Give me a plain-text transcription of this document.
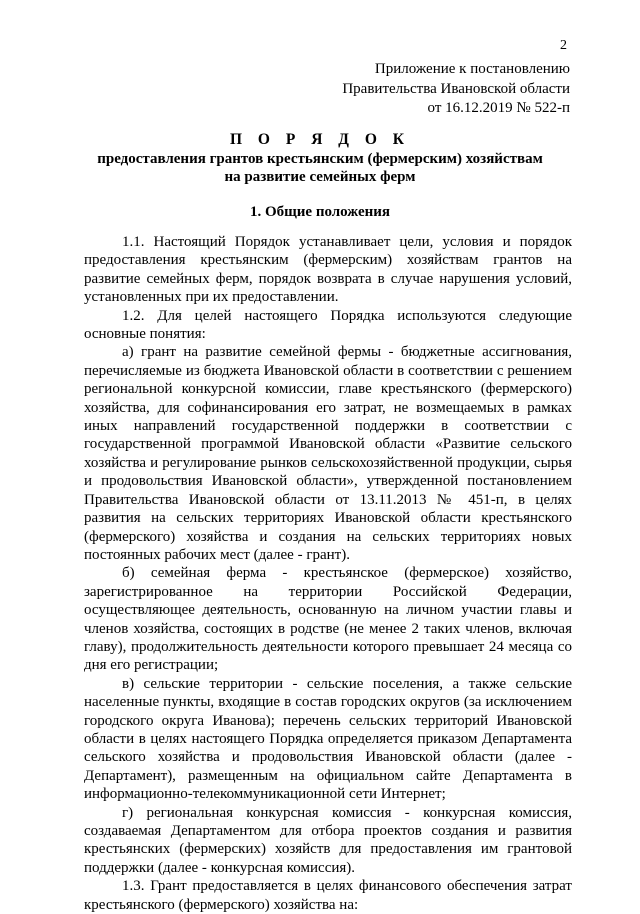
2
Приложение к постановлению
Правительства Ивановской области
от 16.12.2019 № 522-п
П О Р Я Д О К
предоставления грантов крестьянским (фермерским) хозяйствам
на развитие семейных ферм
1. Общие положения

1.1. Настоящий Порядок устанавливает цели, условия и порядок предоставления крестьянским (фермерским) хозяйствам грантов на развитие семейных ферм, порядок возврата в случае нарушения условий, установленных при их предоставлении.

1.2. Для целей настоящего Порядка используются следующие основные понятия:

а) грант на развитие семейной фермы - бюджетные ассигнования, перечисляемые из бюджета Ивановской области в соответствии с решением региональной конкурсной комиссии, главе крестьянского (фермерского) хозяйства, для софинансирования его затрат, не возмещаемых в рамках иных направлений государственной поддержки в соответствии с государственной программой Ивановской области «Развитие сельского хозяйства и регулирование рынков сельскохозяйственной продукции, сырья и продовольствия Ивановской области», утвержденной постановлением Правительства Ивановской области от 13.11.2013 № 451-п, в целях развития на сельских территориях Ивановской области крестьянского (фермерского) хозяйства и создания на сельских территориях новых постоянных рабочих мест (далее - грант).

б) семейная ферма - крестьянское (фермерское) хозяйство, зарегистрированное на территории Российской Федерации, осуществляющее деятельность, основанную на личном участии главы и членов хозяйства, состоящих в родстве (не менее 2 таких членов, включая главу), продолжительность деятельности которого превышает 24 месяца со дня его регистрации;

в) сельские территории - сельские поселения, а также сельские населенные пункты, входящие в состав городских округов (за исключением городского округа Иванова); перечень сельских территорий Ивановской области в целях настоящего Порядка определяется приказом Департамента сельского хозяйства и продовольствия Ивановской области (далее - Департамент), размещенным на официальном сайте Департамента в информационно-телекоммуникационной сети Интернет;

г) региональная конкурсная комиссия - конкурсная комиссия, создаваемая Департаментом для отбора проектов создания и развития крестьянских (фермерских) хозяйств для предоставления им грантовой поддержки (далее - конкурсная комиссия).

1.3. Грант предоставляется в целях финансового обеспечения затрат крестьянского (фермерского) хозяйства на:
